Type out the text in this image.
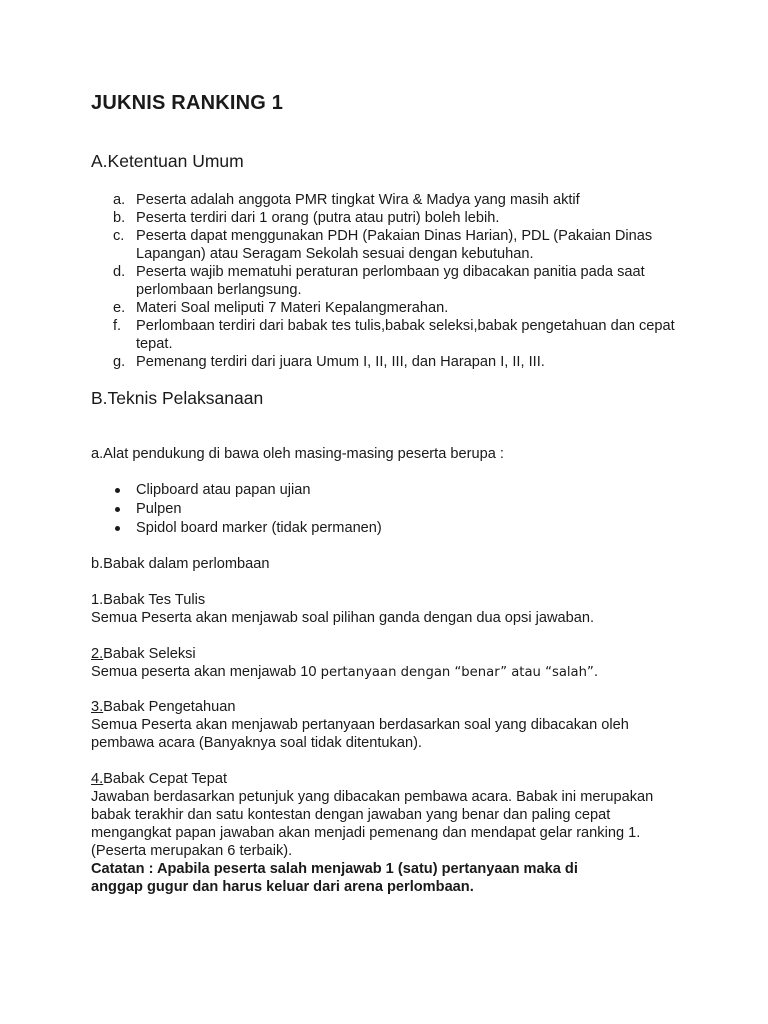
JUKNIS RANKING 1
A.Ketentuan Umum
a. Peserta adalah anggota PMR tingkat Wira & Madya yang masih aktif
b. Peserta terdiri dari 1 orang (putra atau putri) boleh lebih.
c. Peserta dapat menggunakan PDH (Pakaian Dinas Harian), PDL (Pakaian Dinas Lapangan) atau Seragam Sekolah sesuai dengan kebutuhan.
d. Peserta wajib mematuhi peraturan perlombaan yg dibacakan panitia pada saat perlombaan berlangsung.
e. Materi Soal meliputi 7 Materi Kepalangmerahan.
f. Perlombaan terdiri dari babak tes tulis,babak seleksi,babak pengetahuan dan cepat tepat.
g. Pemenang terdiri dari juara Umum I, II, III, dan Harapan I, II, III.
B.Teknis Pelaksanaan
a.Alat pendukung di bawa oleh masing-masing peserta berupa :
Clipboard atau papan ujian
Pulpen
Spidol board marker (tidak permanen)
b.Babak dalam perlombaan
1.Babak Tes Tulis
Semua Peserta akan menjawab soal pilihan ganda dengan dua opsi jawaban.
2.Babak Seleksi
Semua peserta akan menjawab 10 pertanyaan dengan “benar” atau “salah”.
3.Babak Pengetahuan
Semua Peserta akan menjawab pertanyaan berdasarkan soal yang dibacakan oleh
pembawa acara (Banyaknya soal tidak ditentukan).
4.Babak Cepat Tepat
Jawaban berdasarkan petunjuk yang dibacakan pembawa acara. Babak ini merupakan
babak terakhir dan satu kontestan dengan jawaban yang benar dan paling cepat
mengangkat papan jawaban akan menjadi pemenang dan mendapat gelar ranking 1.
(Peserta merupakan 6 terbaik).
Catatan : Apabila peserta salah menjawab 1 (satu) pertanyaan maka di
anggap gugur dan harus keluar dari arena perlombaan.
